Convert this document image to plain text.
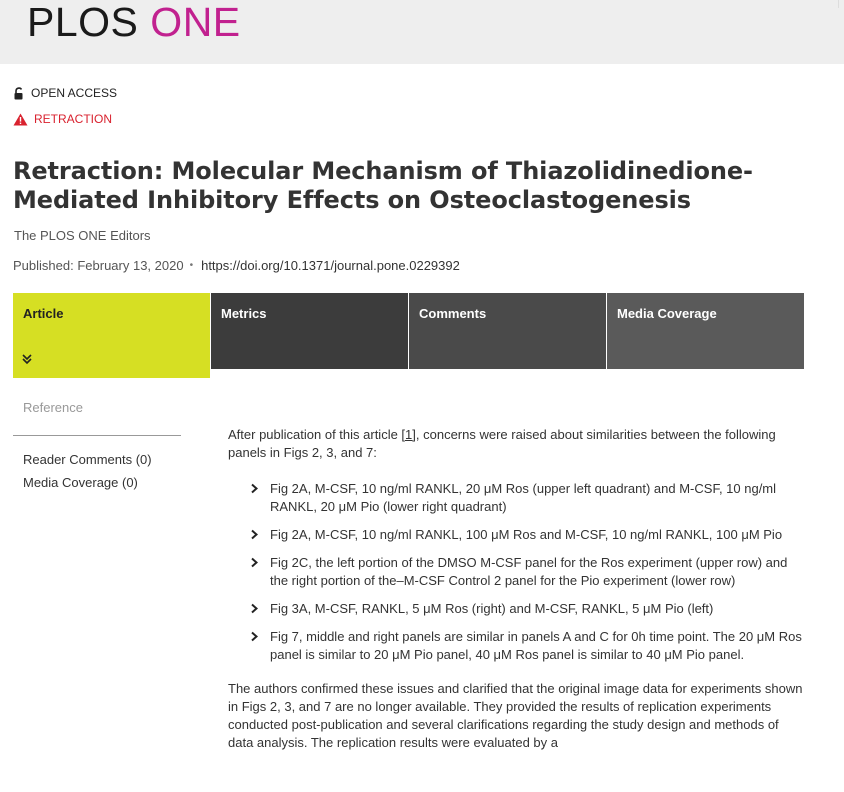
PLOS ONE
OPEN ACCESS
RETRACTION
Retraction: Molecular Mechanism of Thiazolidinedione-Mediated Inhibitory Effects on Osteoclastogenesis
The PLOS ONE Editors
Published:
February 13, 2020 • https://doi.org/10.1371/journal.pone.0229392
Article	Metrics	Comments	Media Coverage
Reference
Reader Comments (0)
Media Coverage (0)

After publication of this article [1], concerns were raised about similarities between the following panels in Figs 2, 3, and 7:

Fig 2A, M-CSF, 10 ng/ml RANKL, 20 μM Ros (upper left quadrant) and M-CSF, 10 ng/ml RANKL, 20 μM Pio (lower right quadrant)
Fig 2A, M-CSF, 10 ng/ml RANKL, 100 μM Ros and M-CSF, 10 ng/ml RANKL, 100 μM Pio
Fig 2C, the left portion of the DMSO M-CSF panel for the Ros experiment (upper row) and the right portion of the–M-CSF Control 2 panel for the Pio experiment (lower row)
Fig 3A, M-CSF, RANKL, 5 μM Ros (right) and M-CSF, RANKL, 5 μM Pio (left)
Fig 7, middle and right panels are similar in panels A and C for 0h time point. The 20 μM Ros panel is similar to 20 μM Pio panel, 40 μM Ros panel is similar to 40 μM Pio panel.

The authors confirmed these issues and clarified that the original image data for experiments shown in Figs 2, 3, and 7 are no longer available. They provided the results of replication experiments conducted post-publication and several clarifications regarding the study design and methods of data analysis. The replication results were evaluated by a
